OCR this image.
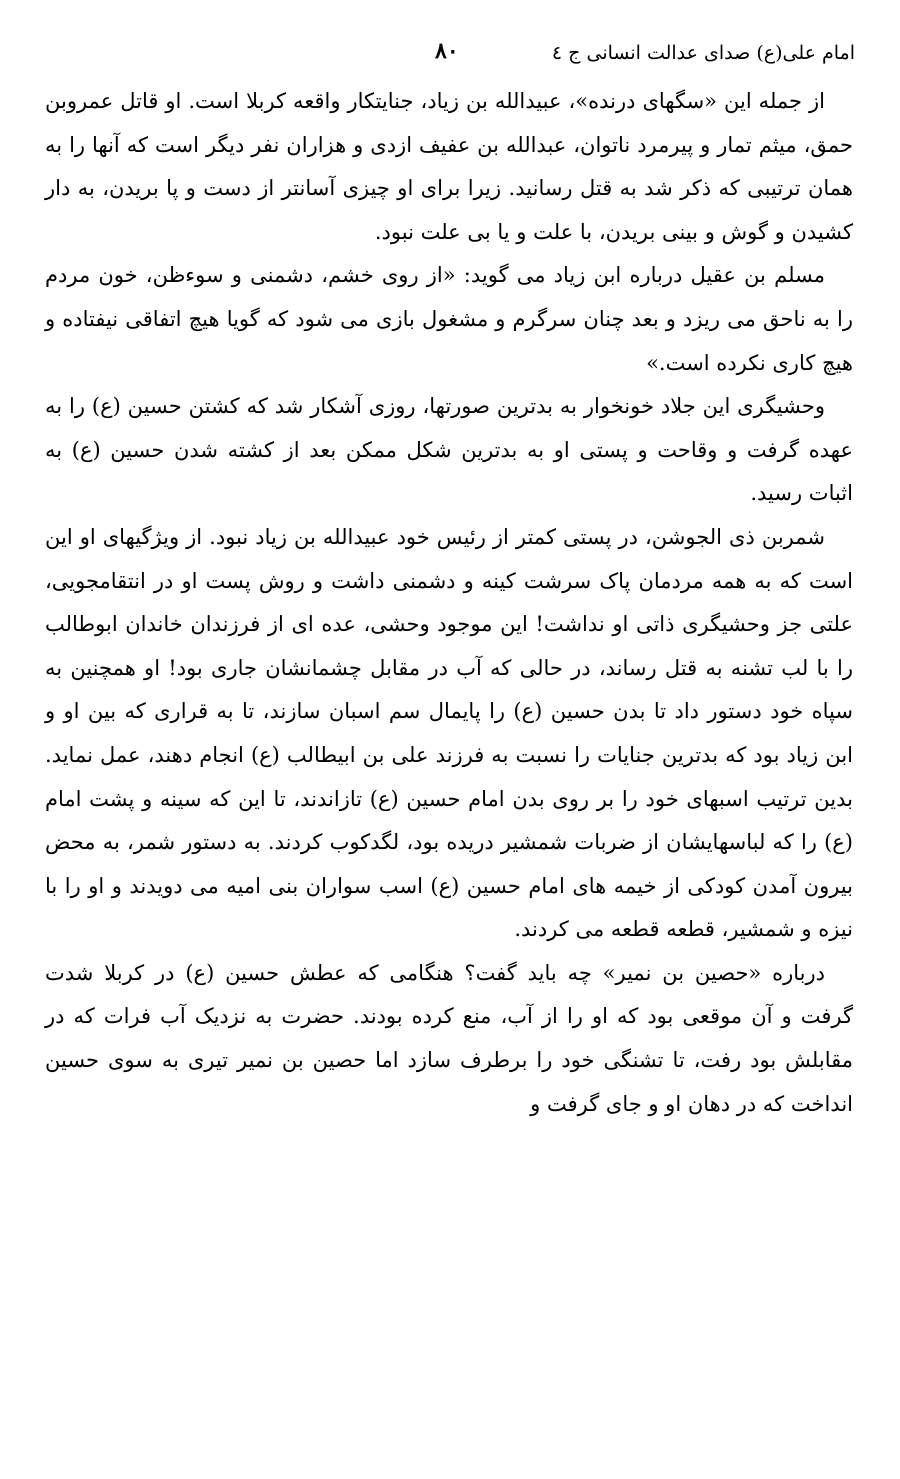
امام علی(ع) صدای عدالت انسانی ج ٤
٨٠

از جمله این «سگهای درنده»، عبیدالله بن زیاد، جنایتکار واقعه کربلا است. او قاتل عمروبن حمق، میثم تمار و پیرمرد ناتوان، عبدالله بن عفیف ازدی و هزاران نفر دیگر است که آنها را به همان ترتیبی که ذکر شد به قتل رسانید. زیرا برای او چیزی آسانتر از دست و پا بریدن، به دار کشیدن و گوش و بینی بریدن، با علت و یا بی علت نبود.

مسلم بن عقیل درباره ابن زیاد می گوید: «از روی خشم، دشمنی و سوءظن، خون مردم را به ناحق می ریزد و بعد چنان سرگرم و مشغول بازی می شود که گویا هیچ اتفاقی نیفتاده و هیچ کاری نکرده است.»

وحشیگری این جلاد خونخوار به بدترین صورتها، روزی آشکار شد که کشتن حسین (ع) را به عهده گرفت و وقاحت و پستی او به بدترین شکل ممکن بعد از کشته شدن حسین (ع) به اثبات رسید.

شمربن ذی الجوشن، در پستی کمتر از رئیس خود عبیدالله بن زیاد نبود. از ویژگیهای او این است که به همه مردمان پاک سرشت کینه و دشمنی داشت و روش پست او در انتقامجویی، علتی جز وحشیگری ذاتی او نداشت! این موجود وحشی، عده ای از فرزندان خاندان ابوطالب را با لب تشنه به قتل رساند، در حالی که آب در مقابل چشمانشان جاری بود! او همچنین به سپاه خود دستور داد تا بدن حسین (ع) را پایمال سم اسبان سازند، تا به قراری که بین او و ابن زیاد بود که بدترین جنایات را نسبت به فرزند علی بن ابیطالب (ع) انجام دهند، عمل نماید. بدین ترتیب اسبهای خود را بر روی بدن امام حسین (ع) تازاندند، تا این که سینه و پشت امام (ع) را که لباسهایشان از ضربات شمشیر دریده بود، لگدکوب کردند. به دستور شمر، به محض بیرون آمدن کودکی از خیمه های امام حسین (ع) اسب سواران بنی امیه می دویدند و او را با نیزه و شمشیر، قطعه قطعه می کردند.

درباره «حصین بن نمیر» چه باید گفت؟ هنگامی که عطش حسین (ع) در کربلا شدت گرفت و آن موقعی بود که او را از آب، منع کرده بودند. حضرت به نزدیک آب فرات که در مقابلش بود رفت، تا تشنگی خود را برطرف سازد اما حصین بن نمیر تیری به سوی حسین انداخت که در دهان او و جای گرفت و
